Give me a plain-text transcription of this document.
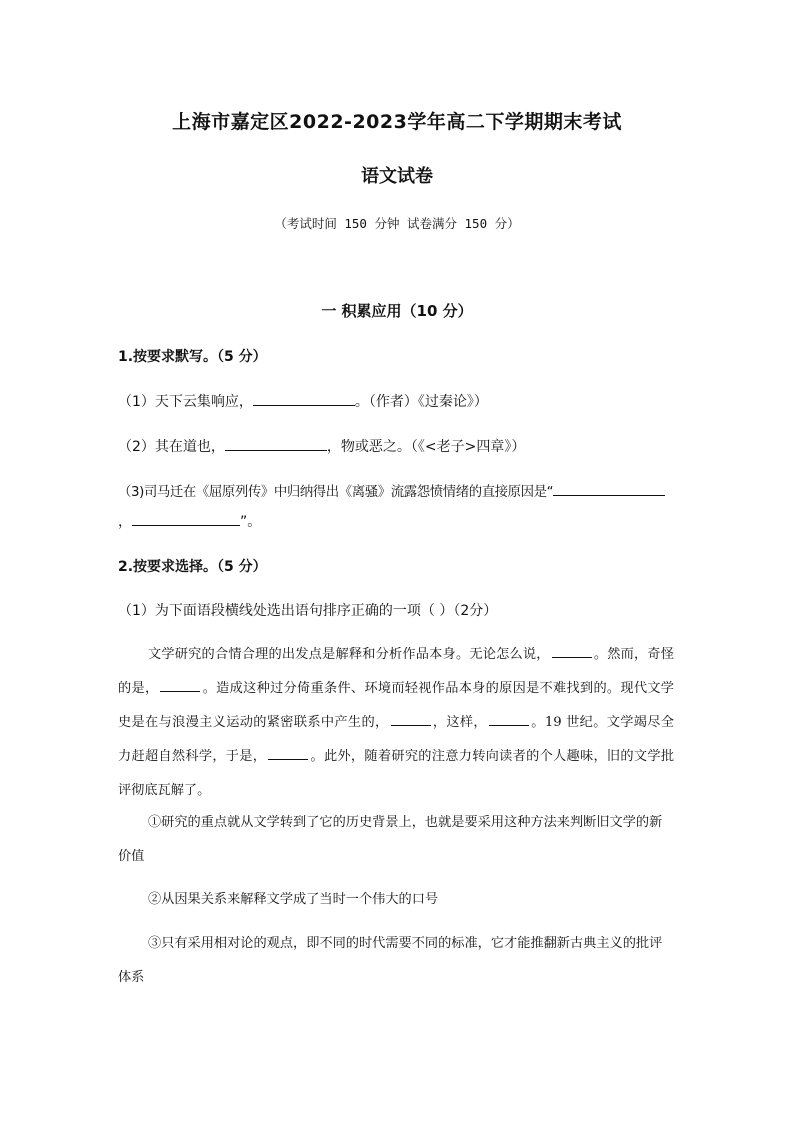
上海市嘉定区2022-2023学年高二下学期期末考试
语文试卷
（考试时间 150 分钟 试卷满分 150 分）
一 积累应用（10 分）
1.按要求默写。（5 分）
（1）天下云集响应，	。（作者）《过秦论》）
（2）其在道也，	，物或恶之。（《<老子>四章》）
（3)司马迁在《屈原列传》中归纳得出《离骚》流露怨愤情绪的直接原因是“
，	”。
2.按要求选择。（5 分）
（1）为下面语段横线处选出语句排序正确的一项（ ）（2分）
文学研究的合情合理的出发点是解释和分析作品本身。无论怎么说，	。然而，奇怪的是，	。造成这种过分倚重条件、环境而轻视作品本身的原因是不难找到的。现代文学史是在与浪漫主义运动的紧密联系中产生的，	，这样，	。19 世纪。文学竭尽全力赶超自然科学，于是，	。此外，随着研究的注意力转向读者的个人趣味，旧的文学批评彻底瓦解了。
①研究的重点就从文学转到了它的历史背景上，也就是要采用这种方法来判断旧文学的新价值
②从因果关系来解释文学成了当时一个伟大的口号
③只有采用相对论的观点，即不同的时代需要不同的标准，它才能推翻新古典主义的批评体系
